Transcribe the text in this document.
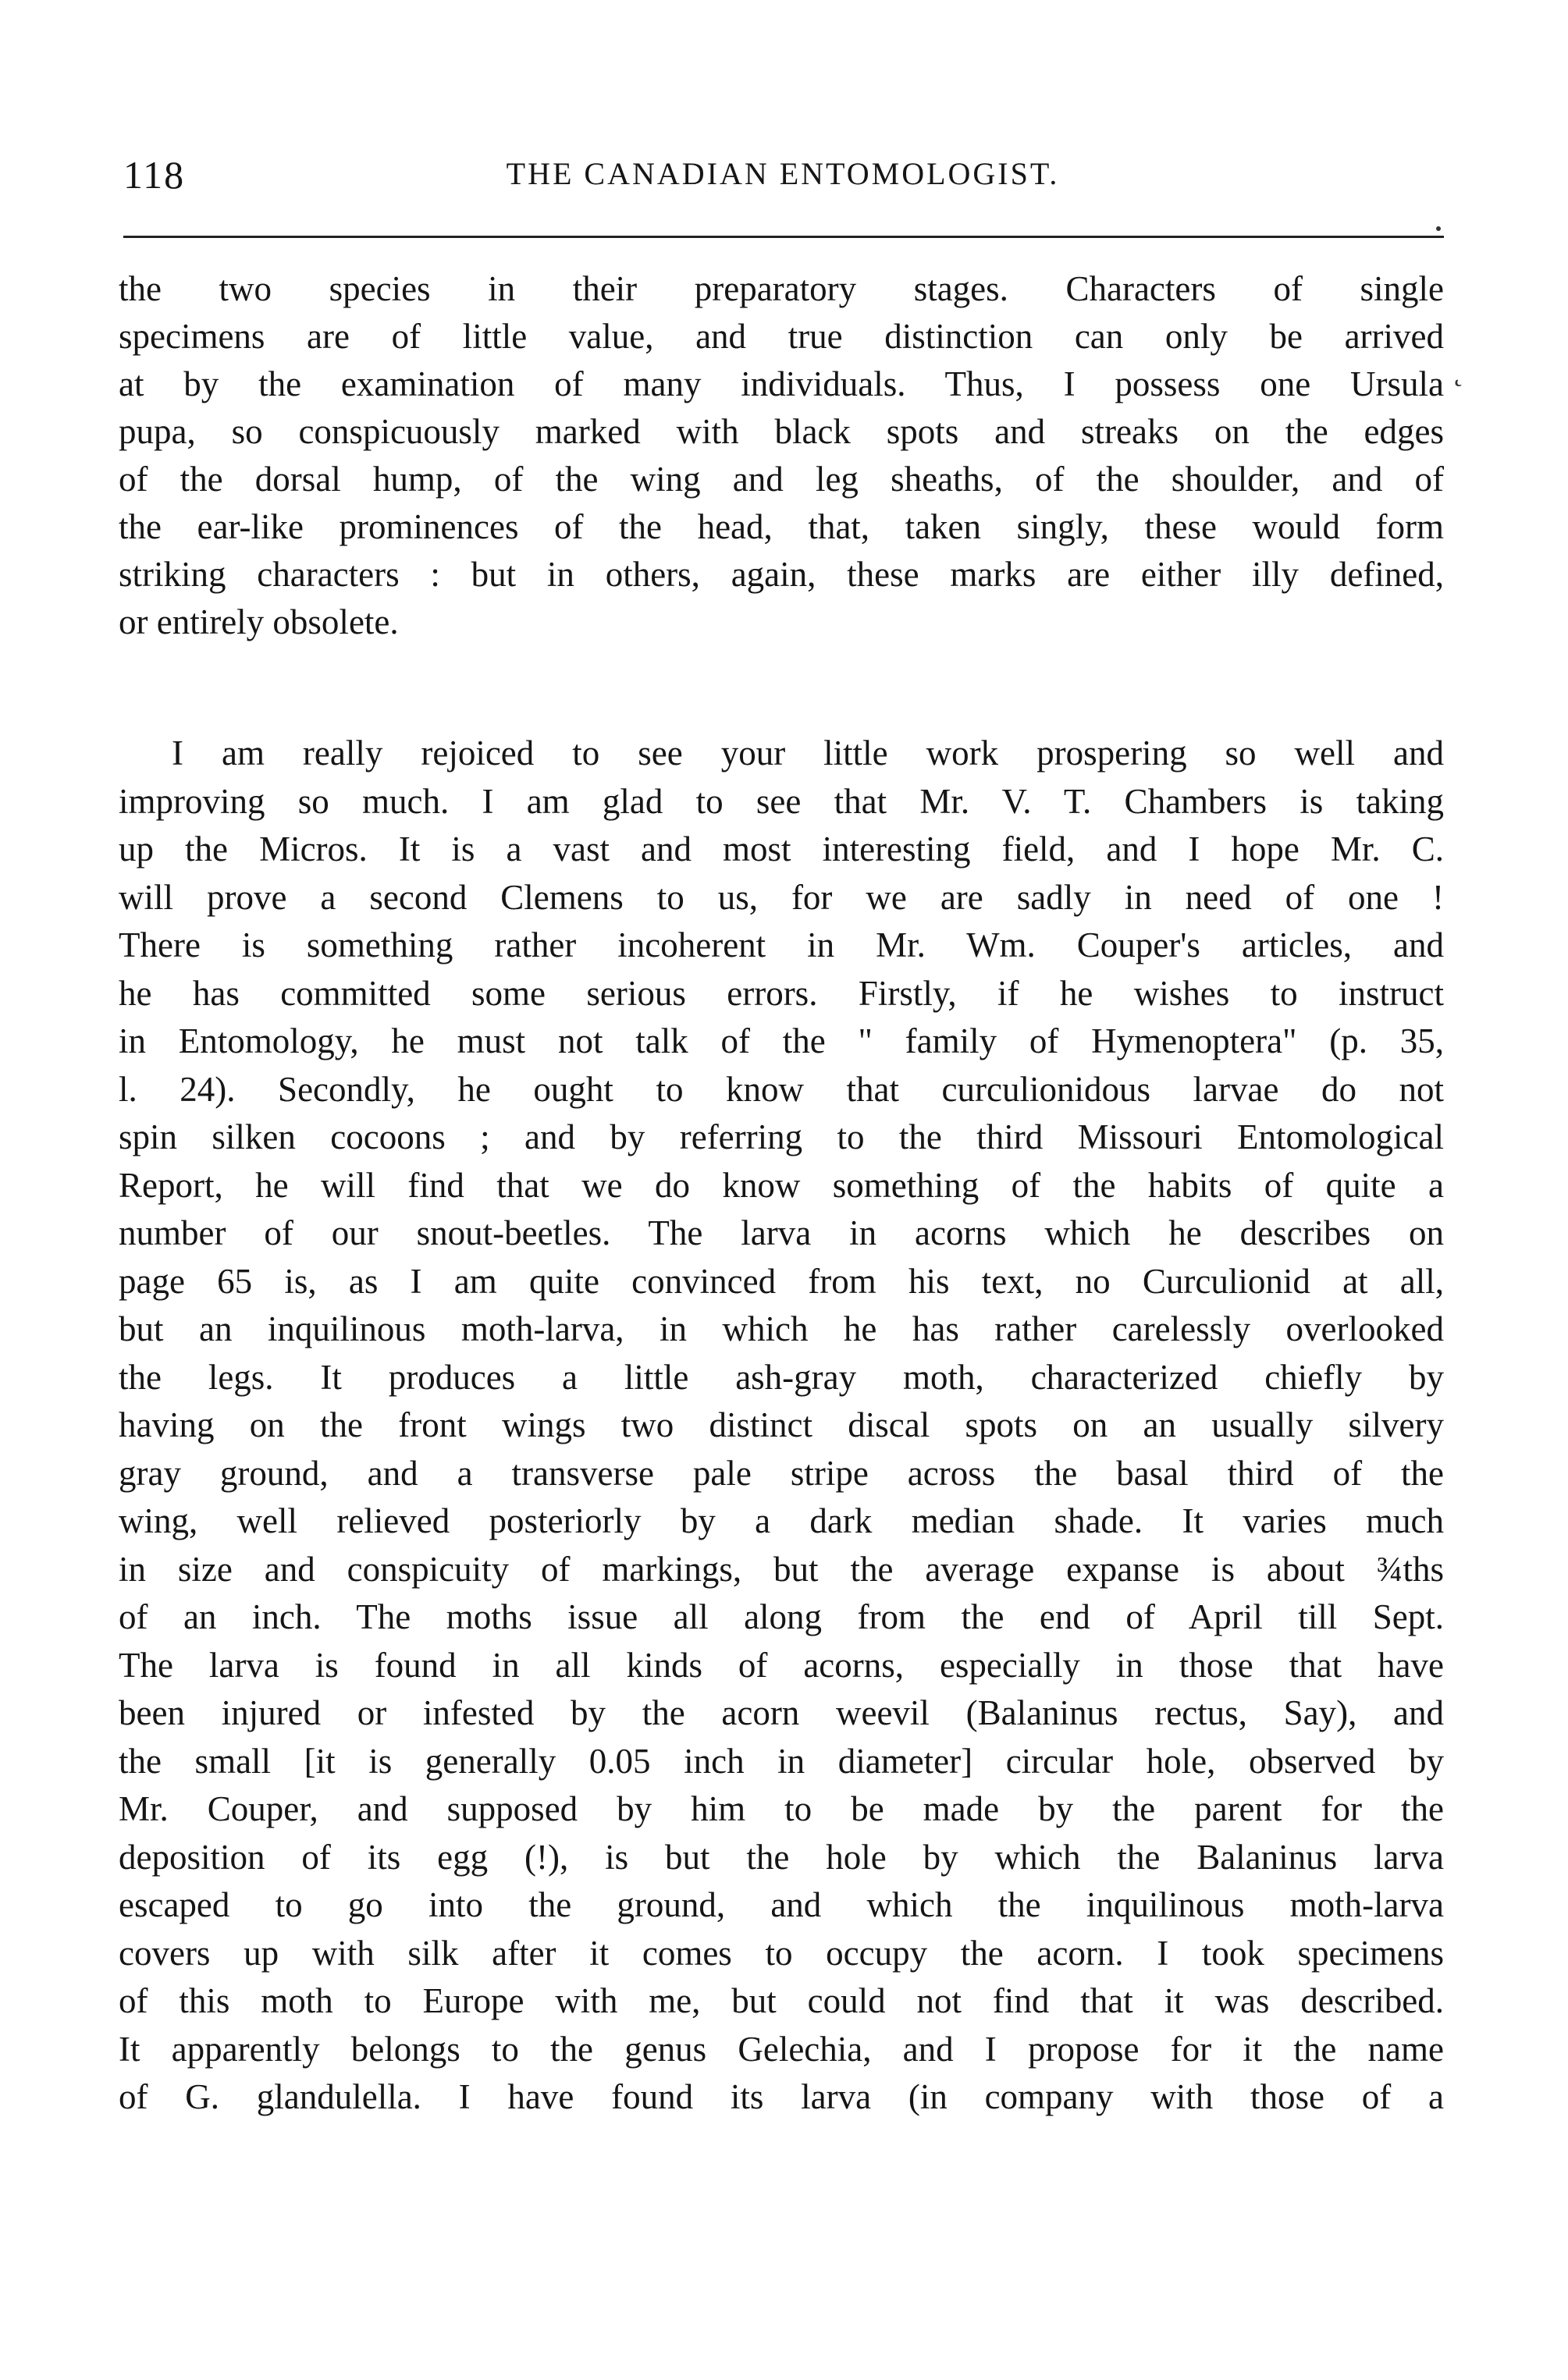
118	THE CANADIAN ENTOMOLOGIST.
˛
the two species in their preparatory stages. Characters of single
specimens are of little value, and true distinction can only be arrived
at by the examination of many individuals. Thus, I possess one Ursula
pupa, so conspicuously marked with black spots and streaks on the edges
of the dorsal hump, of the wing and leg sheaths, of the shoulder, and of
the ear-like prominences of the head, that, taken singly, these would form
striking characters : but in others, again, these marks are either illy defined,
or entirely obsolete.
I am really rejoiced to see your little work prospering so well and
improving so much. I am glad to see that Mr. V. T. Chambers is taking
up the Micros. It is a vast and most interesting field, and I hope Mr. C.
will prove a second Clemens to us, for we are sadly in need of one !
There is something rather incoherent in Mr. Wm. Couper's articles, and
he has committed some serious errors. Firstly, if he wishes to instruct
in Entomology, he must not talk of the " family of Hymenoptera" (p. 35,
l. 24). Secondly, he ought to know that curculionidous larvae do not
spin silken cocoons ; and by referring to the third Missouri Entomological
Report, he will find that we do know something of the habits of quite a
number of our snout-beetles. The larva in acorns which he describes on
page 65 is, as I am quite convinced from his text, no Curculionid at all,
but an inquilinous moth-larva, in which he has rather carelessly overlooked
the legs. It produces a little ash-gray moth, characterized chiefly by
having on the front wings two distinct discal spots on an usually silvery
gray ground, and a transverse pale stripe across the basal third of the
wing, well relieved posteriorly by a dark median shade. It varies much
in size and conspicuity of markings, but the average expanse is about ¾ths
of an inch. The moths issue all along from the end of April till Sept.
The larva is found in all kinds of acorns, especially in those that have
been injured or infested by the acorn weevil (Balaninus rectus, Say), and
the small [it is generally 0.05 inch in diameter] circular hole, observed by
Mr. Couper, and supposed by him to be made by the parent for the
deposition of its egg (!), is but the hole by which the Balaninus larva
escaped to go into the ground, and which the inquilinous moth-larva
covers up with silk after it comes to occupy the acorn. I took specimens
of this moth to Europe with me, but could not find that it was described.
It apparently belongs to the genus Gelechia, and I propose for it the name
of G. glandulella. I have found its larva (in company with those of a
